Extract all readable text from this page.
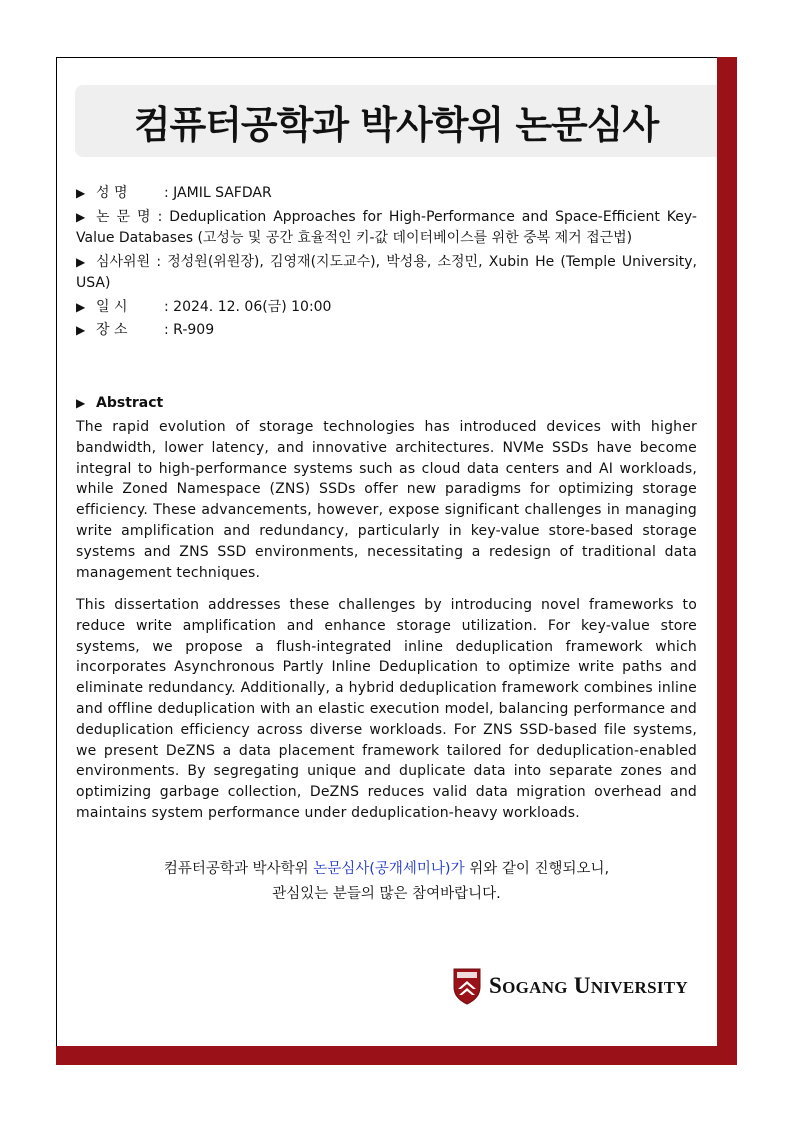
컴퓨터공학과 박사학위 논문심사
▶ 성 명	: JAMIL SAFDAR
▶ 논 문 명 : Deduplication Approaches for High-Performance and Space-Efficient Key-Value Databases (고성능 및 공간 효율적인 키-값 데이터베이스를 위한 중복 제거 접근법)
▶ 심사위원 : 정성원(위원장), 김영재(지도교수), 박성용, 소정민, Xubin He (Temple University, USA)
▶ 일 시	: 2024. 12. 06(금) 10:00
▶ 장 소	: R-909
▶ Abstract
The rapid evolution of storage technologies has introduced devices with higher bandwidth, lower latency, and innovative architectures. NVMe SSDs have become integral to high-performance systems such as cloud data centers and AI workloads, while Zoned Namespace (ZNS) SSDs offer new paradigms for optimizing storage efficiency. These advancements, however, expose significant challenges in managing write amplification and redundancy, particularly in key-value store-based storage systems and ZNS SSD environments, necessitating a redesign of traditional data management techniques.
This dissertation addresses these challenges by introducing novel frameworks to reduce write amplification and enhance storage utilization. For key-value store systems, we propose a flush-integrated inline deduplication framework which incorporates Asynchronous Partly Inline Deduplication to optimize write paths and eliminate redundancy. Additionally, a hybrid deduplication framework combines inline and offline deduplication with an elastic execution model, balancing performance and deduplication efficiency across diverse workloads. For ZNS SSD-based file systems, we present DeZNS a data placement framework tailored for deduplication-enabled environments. By segregating unique and duplicate data into separate zones and optimizing garbage collection, DeZNS reduces valid data migration overhead and maintains system performance under deduplication-heavy workloads.
컴퓨터공학과 박사학위 논문심사(공개세미나)가 위와 같이 진행되오니,
관심있는 분들의 많은 참여바랍니다.
SOGANG UNIVERSITY
